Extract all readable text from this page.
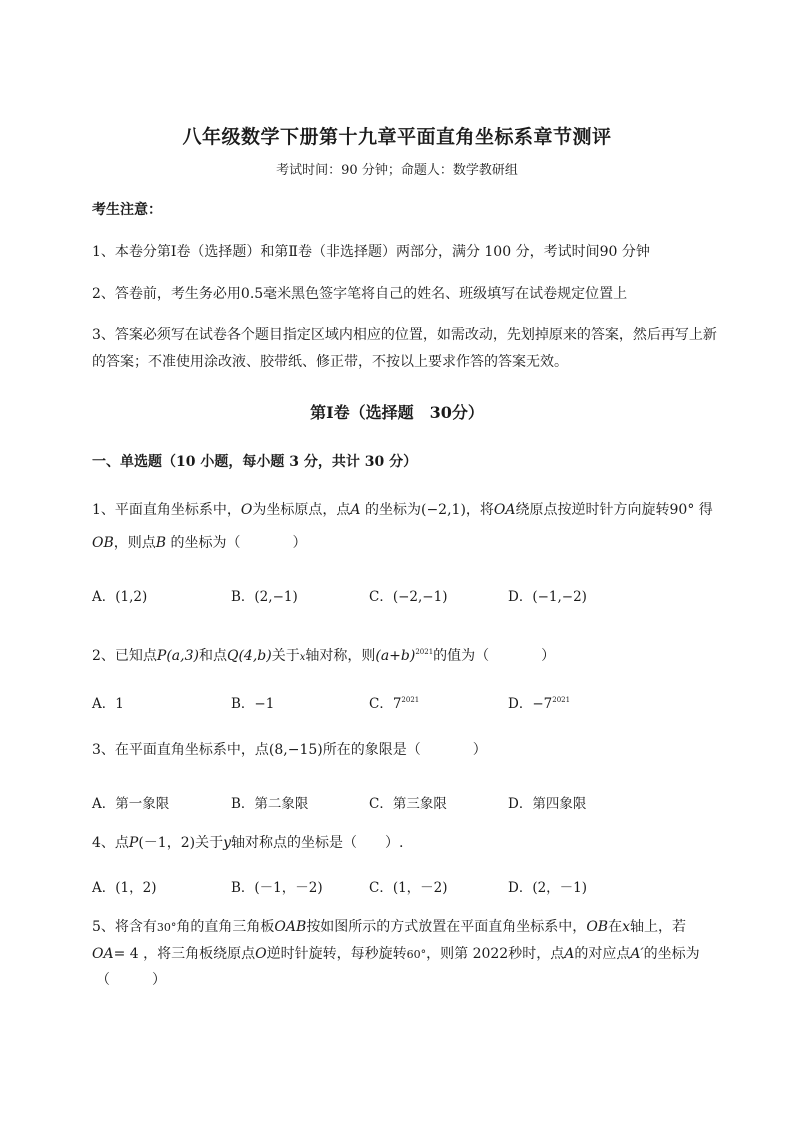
八年级数学下册第十九章平面直角坐标系章节测评
考试时间：90 分钟；命题人：数学教研组
考生注意：
1、本卷分第Ⅰ卷（选择题）和第Ⅱ卷（非选择题）两部分，满分 100 分，考试时间90 分钟
2、答卷前，考生务必用0.5毫米黑色签字笔将自己的姓名、班级填写在试卷规定位置上
3、答案必须写在试卷各个题目指定区域内相应的位置，如需改动，先划掉原来的答案，然后再写上新
的答案；不准使用涂改液、胶带纸、修正带，不按以上要求作答的答案无效。
第Ⅰ卷（选择题　30分）
一、单选题（10 小题，每小题 3 分，共计 30 分）
1、平面直角坐标系中，O为坐标原点，点A 的坐标为(−2,1)，将OA绕原点按逆时针方向旋转90° 得
OB，则点B 的坐标为（	）
A．(1,2)	B．(2,−1)	C．(−2,−1)	D．(−1,−2)
2、已知点P(a,3)和点Q(4,b)关于x轴对称，则$(a+b)^{2021}$的值为（	）
A．1	B．−1	C．$7^{2021}$	D．$-7^{2021}$
3、在平面直角坐标系中，点(8,−15)所在的象限是（	）
A．第一象限	B．第二象限	C．第三象限	D．第四象限
4、点P(－1，2)关于y轴对称点的坐标是（　　）.
A．(1，2)	B．(－1，－2)	C．(1，－2)	D．(2，－1)
5、将含有30°角的直角三角板OAB按如图所示的方式放置在平面直角坐标系中，OB在x轴上，若
OA= 4 ，将三角板绕原点O逆时针旋转，每秒旋转60°，则第 2022秒时，点A的对应点A′的坐标为
（　　　）
